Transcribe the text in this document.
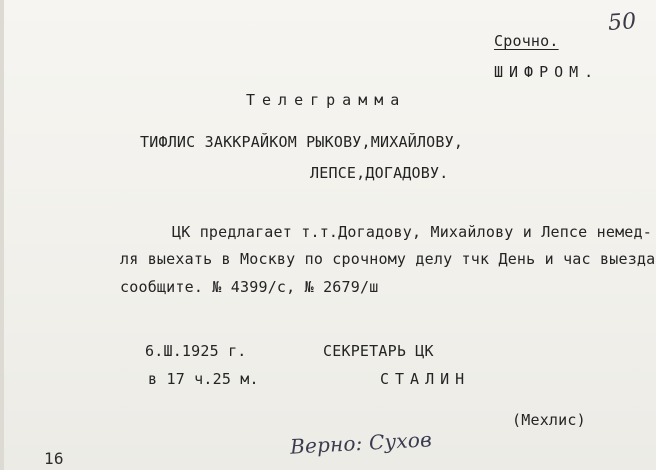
50
Срочно.
ШИФРОМ.
Телеграмма
ТИФЛИС ЗАККРАЙКОМ РЫКОВУ,МИХАЙЛОВУ,
ЛЕПСЕ,ДОГАДОВУ.
ЦК предлагает т.т.Догадову, Михайлову и Лепсе немед-
ля выехать в Москву по срочному делу тчк День и час выезда
сообщите. № 4399/с, № 2679/ш
6.Ш.1925 г.
в 17 ч.25 м.
СЕКРЕТАРЬ ЦК
СТАЛИН
(Мехлис)
Верно: Сухов
16
